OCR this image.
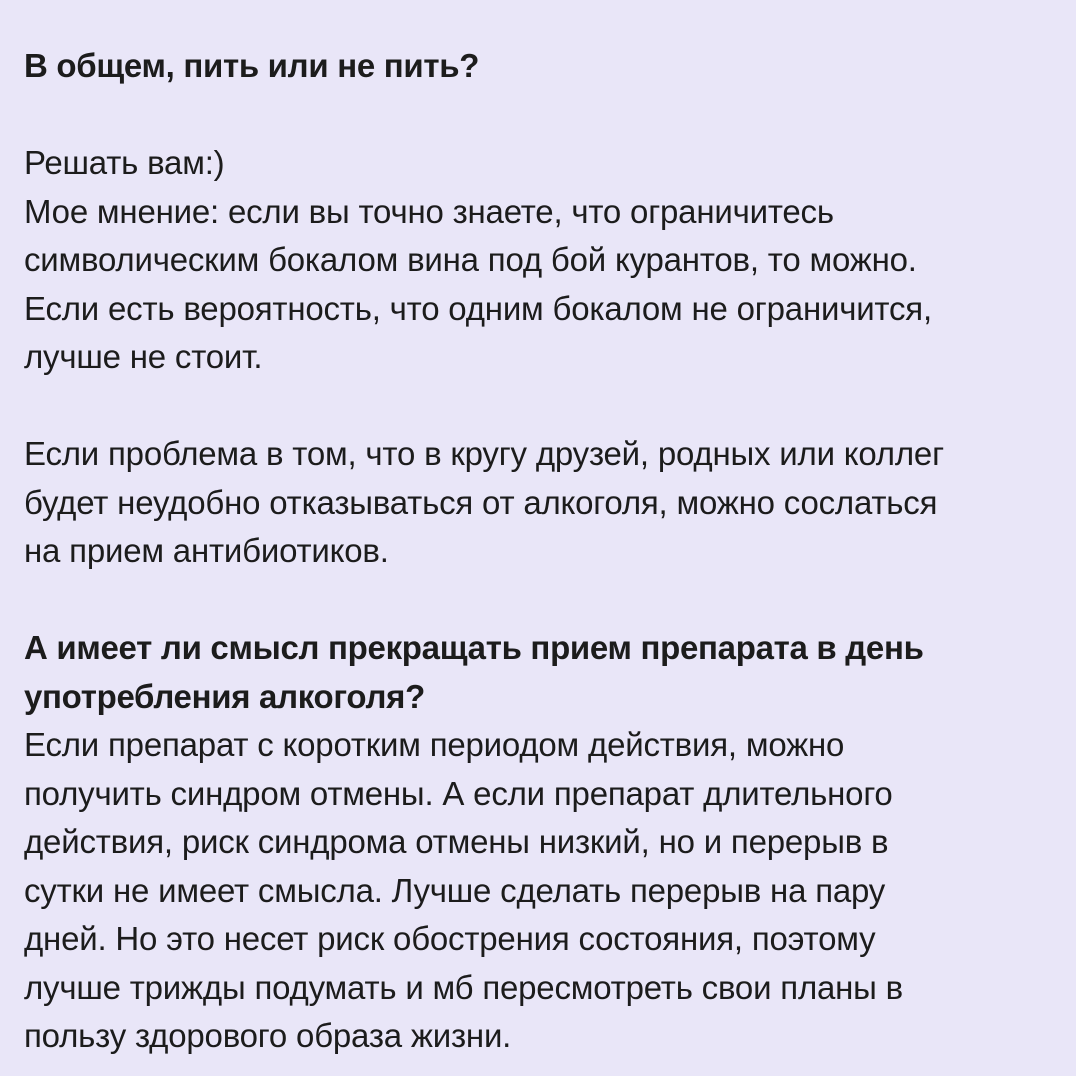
В общем, пить или не пить?
Решать вам:)
Мое мнение: если вы точно знаете, что ограничитесь
символическим бокалом вина под бой курантов, то можно.
Если есть вероятность, что одним бокалом не ограничится,
лучше не стоит.
Если проблема в том, что в кругу друзей, родных или коллег
будет неудобно отказываться от алкоголя, можно сослаться
на прием антибиотиков.
А имеет ли смысл прекращать прием препарата в день
употребления алкоголя?
Если препарат с коротким периодом действия, можно
получить синдром отмены. А если препарат длительного
действия, риск синдрома отмены низкий, но и перерыв в
сутки не имеет смысла. Лучше сделать перерыв на пару
дней. Но это несет риск обострения состояния, поэтому
лучше трижды подумать и мб пересмотреть свои планы в
пользу здорового образа жизни.
